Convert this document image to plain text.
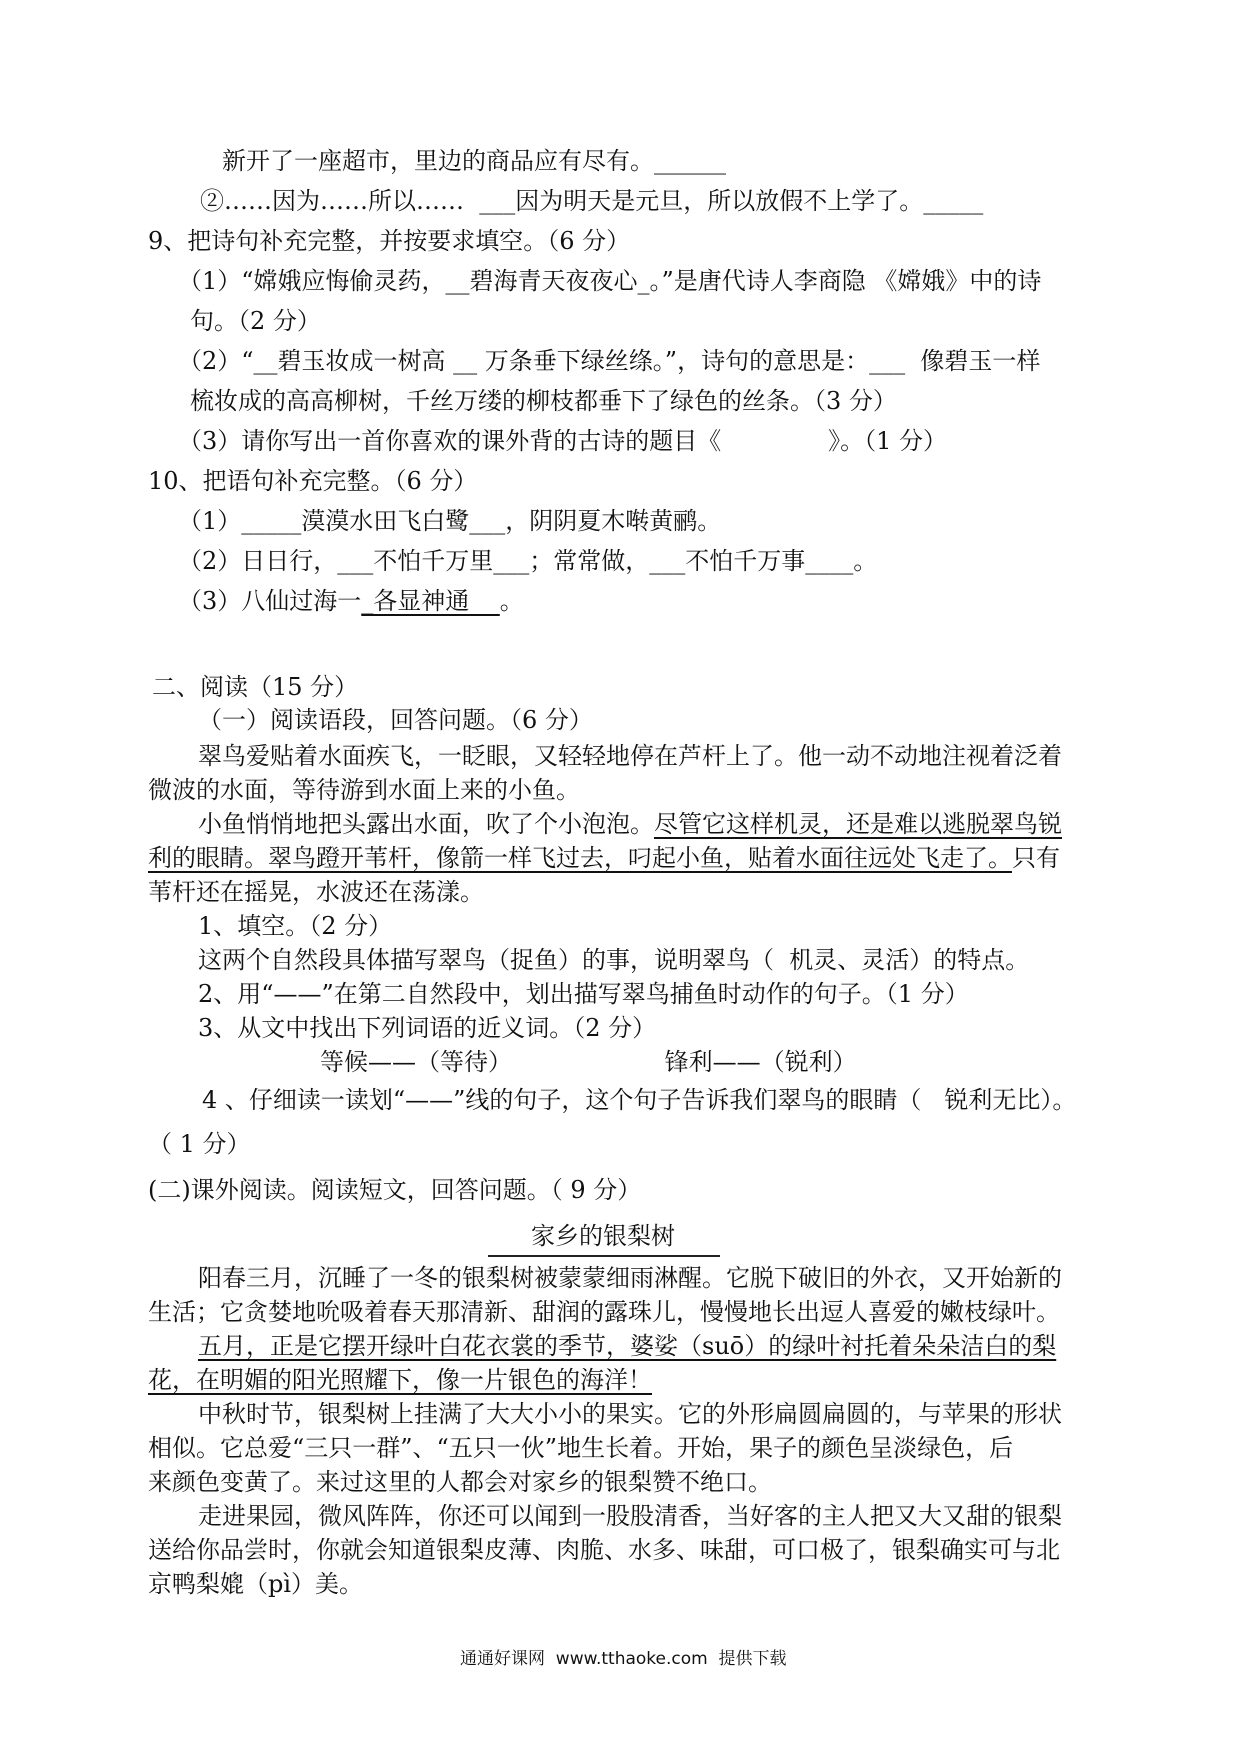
新开了一座超市，里边的商品应有尽有。______
②……因为……所以……  ___因为明天是元旦，所以放假不上学了。_____
9、把诗句补充完整，并按要求填空。（6 分）
（1）“嫦娥应悔偷灵药，__碧海青天夜夜心_。”是唐代诗人李商隐 《嫦娥》中的诗
句。（2 分）
（2）“__碧玉妆成一树高 __ 万条垂下绿丝绦。”，诗句的意思是：___  像碧玉一样
梳妆成的高高柳树，千丝万缕的柳枝都垂下了绿色的丝条。（3 分）
（3）请你写出一首你喜欢的课外背的古诗的题目《              》。（1 分）
10、把语句补充完整。（6 分）
（1）_____漠漠水田飞白鹭___，阴阴夏木啭黄鹂。
（2）日日行，___不怕千万里___；常常做，___不怕千万事____。
（3）八仙过海一_各显神通    。
二、阅读（15 分）
（一）阅读语段，回答问题。（6 分）
翠鸟爱贴着水面疾飞，一眨眼，又轻轻地停在芦杆上了。他一动不动地注视着泛着
微波的水面，等待游到水面上来的小鱼。
小鱼悄悄地把头露出水面，吹了个小泡泡。尽管它这样机灵，还是难以逃脱翠鸟锐
利的眼睛。翠鸟蹬开苇杆，像箭一样飞过去，叼起小鱼，贴着水面往远处飞走了。只有
苇杆还在摇晃，水波还在荡漾。
1、填空。（2 分）
这两个自然段具体描写翠鸟（捉鱼）的事，说明翠鸟（  机灵、灵活）的特点。
2、用“——”在第二自然段中，划出描写翠鸟捕鱼时动作的句子。（1 分）
3、从文中找出下列词语的近义词。（2 分）
等候——（等待）                    锋利——（锐利）
4 、仔细读一读划“——”线的句子，这个句子告诉我们翠鸟的眼睛（   锐利无比）。
（ 1 分）
(二)课外阅读。阅读短文，回答问题。（ 9 分）
家乡的银梨树
阳春三月，沉睡了一冬的银梨树被蒙蒙细雨淋醒。它脱下破旧的外衣，又开始新的
生活；它贪婪地吮吸着春天那清新、甜润的露珠儿，慢慢地长出逗人喜爱的嫩枝绿叶。
五月，正是它摆开绿叶白花衣裳的季节，婆娑（suō）的绿叶衬托着朵朵洁白的梨
花，在明媚的阳光照耀下，像一片银色的海洋！
中秋时节，银梨树上挂满了大大小小的果实。它的外形扁圆扁圆的，与苹果的形状
相似。它总爱“三只一群”、“五只一伙”地生长着。开始，果子的颜色呈淡绿色，后
来颜色变黄了。来过这里的人都会对家乡的银梨赞不绝口。
走进果园，微风阵阵，你还可以闻到一股股清香，当好客的主人把又大又甜的银梨
送给你品尝时，你就会知道银梨皮薄、肉脆、水多、味甜，可口极了，银梨确实可与北
京鸭梨媲（pì）美。
通通好课网  www.tthaoke.com  提供下载
